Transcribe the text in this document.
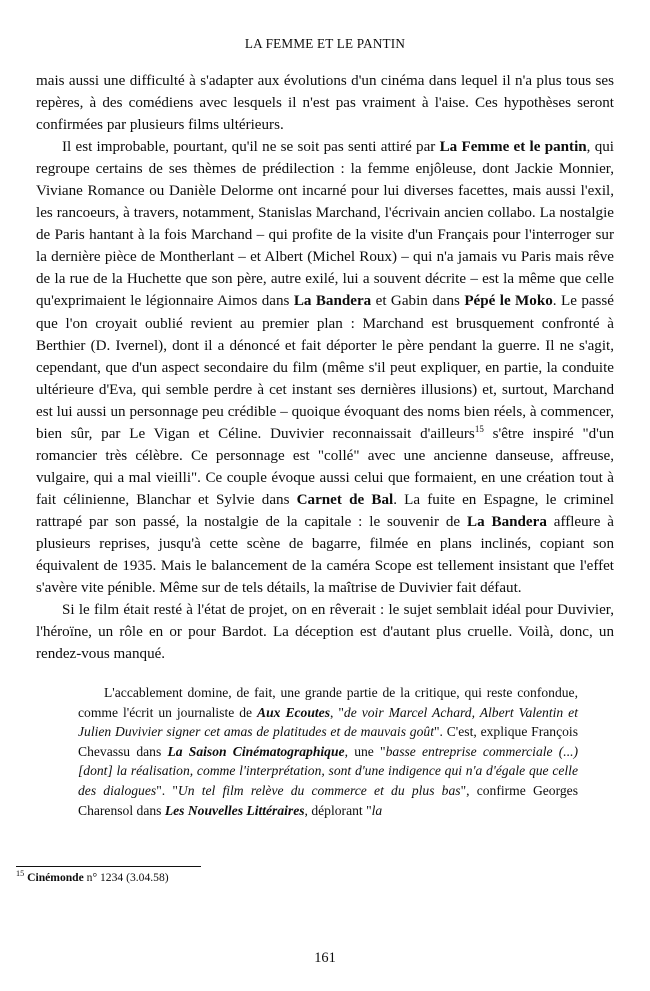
LA FEMME ET LE PANTIN

mais aussi une difficulté à s'adapter aux évolutions d'un cinéma dans lequel il n'a plus tous ses repères, à des comédiens avec lesquels il n'est pas vraiment à l'aise. Ces hypothèses seront confirmées par plusieurs films ultérieurs.

Il est improbable, pourtant, qu'il ne se soit pas senti attiré par La Femme et le pantin, qui regroupe certains de ses thèmes de prédilection : la femme enjôleuse, dont Jackie Monnier, Viviane Romance ou Danièle Delorme ont incarné pour lui diverses facettes, mais aussi l'exil, les rancoeurs, à travers, notamment, Stanislas Marchand, l'écrivain ancien collabo. La nostalgie de Paris hantant à la fois Marchand – qui profite de la visite d'un Français pour l'interroger sur la dernière pièce de Montherlant – et Albert (Michel Roux) – qui n'a jamais vu Paris mais rêve de la rue de la Huchette que son père, autre exilé, lui a souvent décrite – est la même que celle qu'exprimaient le légionnaire Aimos dans La Bandera et Gabin dans Pépé le Moko. Le passé que l'on croyait oublié revient au premier plan : Marchand est brusquement confronté à Berthier (D. Ivernel), dont il a dénoncé et fait déporter le père pendant la guerre. Il ne s'agit, cependant, que d'un aspect secondaire du film (même s'il peut expliquer, en partie, la conduite ultérieure d'Eva, qui semble perdre à cet instant ses dernières illusions) et, surtout, Marchand est lui aussi un personnage peu crédible – quoique évoquant des noms bien réels, à commencer, bien sûr, par Le Vigan et Céline. Duvivier reconnaissait d'ailleurs$^{15}$ s'être inspiré "d'un romancier très célèbre. Ce personnage est "collé" avec une ancienne danseuse, affreuse, vulgaire, qui a mal vieilli". Ce couple évoque aussi celui que formaient, en une création tout à fait célinienne, Blanchar et Sylvie dans Carnet de Bal. La fuite en Espagne, le criminel rattrapé par son passé, la nostalgie de la capitale : le souvenir de La Bandera affleure à plusieurs reprises, jusqu'à cette scène de bagarre, filmée en plans inclinés, copiant son équivalent de 1935. Mais le balancement de la caméra Scope est tellement insistant que l'effet s'avère vite pénible. Même sur de tels détails, la maîtrise de Duvivier fait défaut.

Si le film était resté à l'état de projet, on en rêverait : le sujet semblait idéal pour Duvivier, l'héroïne, un rôle en or pour Bardot. La déception est d'autant plus cruelle. Voilà, donc, un rendez-vous manqué.

L'accablement domine, de fait, une grande partie de la critique, qui reste confondue, comme l'écrit un journaliste de Aux Ecoutes, "de voir Marcel Achard, Albert Valentin et Julien Duvivier signer cet amas de platitudes et de mauvais goût". C'est, explique François Chevassu dans La Saison Cinématographique, une "basse entreprise commerciale (...) [dont] la réalisation, comme l'interprétation, sont d'une indigence qui n'a d'égale que celle des dialogues". "Un tel film relève du commerce et du plus bas", confirme Georges Charensol dans Les Nouvelles Littéraires, déplorant "la

$^{15}$ Cinémonde n° 1234 (3.04.58)
161
